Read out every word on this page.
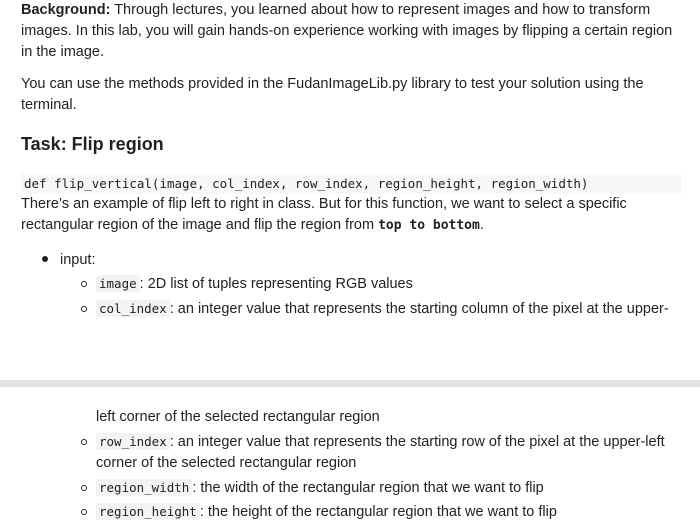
Background: Through lectures, you learned about how to represent images and how to transform images. In this lab, you will gain hands-on experience working with images by flipping a certain region in the image.

You can use the methods provided in the FudanImageLib.py library to test your solution using the terminal.

Task: Flip region
def flip_vertical(image, col_index, row_index, region_height, region_width)

There’s an example of flip left to right in class. But for this function, we want to select a specific rectangular region of the image and flip the region from top to bottom.

input:
image : 2D list of tuples representing RGB values
col_index : an integer value that represents the starting column of the pixel at the upper-
left corner of the selected rectangular region
row_index : an integer value that represents the starting row of the pixel at the upper-left
corner of the selected rectangular region
region_width : the width of the rectangular region that we want to flip
region_height : the height of the rectangular region that we want to flip
